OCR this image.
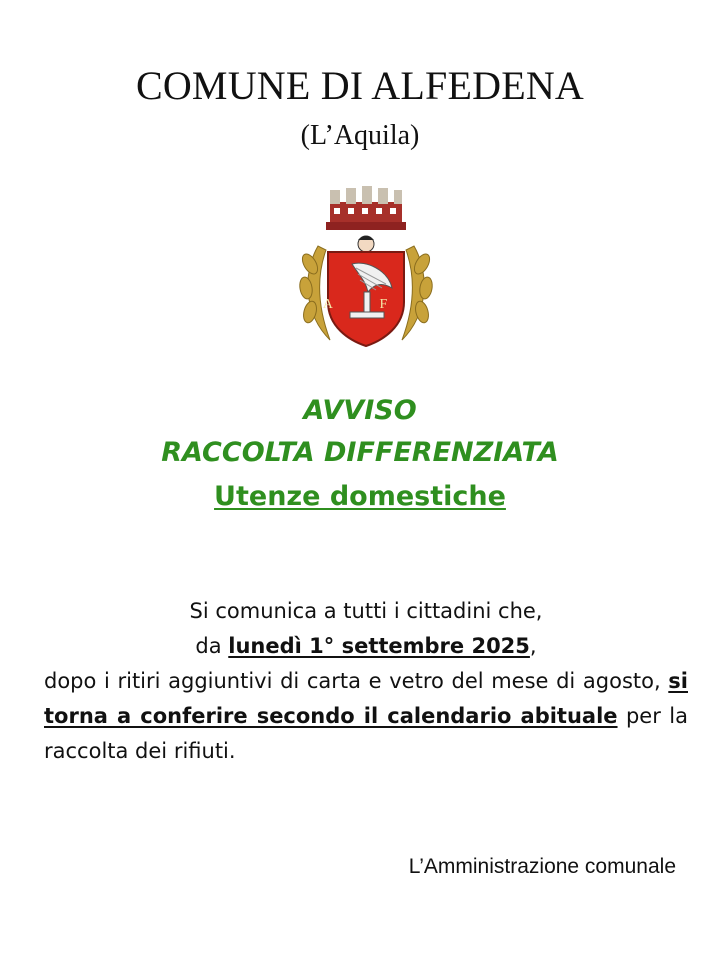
COMUNE DI ALFEDENA
(L’Aquila)
A F
AVVISO
RACCOLTA DIFFERENZIATA
Utenze domestiche
Si comunica a tutti i cittadini che,
da lunedì 1° settembre 2025,
dopo i ritiri aggiuntivi di carta e vetro del mese di agosto, si torna a conferire secondo il calendario abituale per la raccolta dei rifiuti.
L’Amministrazione comunale
